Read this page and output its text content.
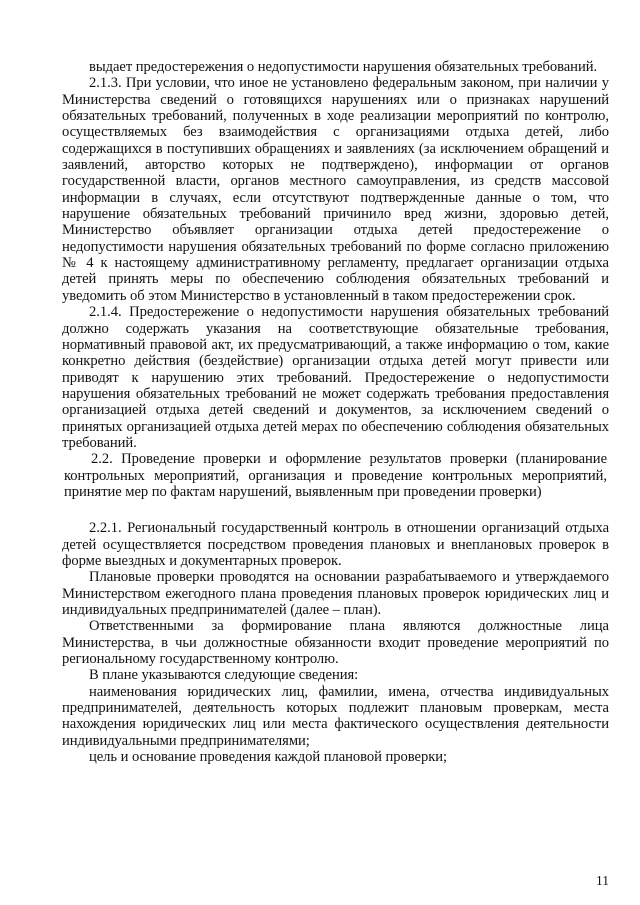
выдает предостережения о недопустимости нарушения обязательных требований.

2.1.3. При условии, что иное не установлено федеральным законом, при наличии у Министерства сведений о готовящихся нарушениях или о признаках нарушений обязательных требований, полученных в ходе реализации мероприятий по контролю, осуществляемых без взаимодействия с организациями отдыха детей, либо содержащихся в поступивших обращениях и заявлениях (за исключением обращений и заявлений, авторство которых не подтверждено), информации от органов государственной власти, органов местного самоуправления, из средств массовой информации в случаях, если отсутствуют подтвержденные данные о том, что нарушение обязательных требований причинило вред жизни, здоровью детей, Министерство объявляет организации отдыха детей предостережение о недопустимости нарушения обязательных требований по форме согласно приложению № 4 к настоящему административному регламенту, предлагает организации отдыха детей принять меры по обеспечению соблюдения обязательных требований и уведомить об этом Министерство в установленный в таком предостережении срок.

2.1.4. Предостережение о недопустимости нарушения обязательных требований должно содержать указания на соответствующие обязательные требования, нормативный правовой акт, их предусматривающий, а также информацию о том, какие конкретно действия (бездействие) организации отдыха детей могут привести или приводят к нарушению этих требований. Предостережение о недопустимости нарушения обязательных требований не может содержать требования предоставления организацией отдыха детей сведений и документов, за исключением сведений о принятых организацией отдыха детей мерах по обеспечению соблюдения обязательных требований.

2.2. Проведение проверки и оформление результатов проверки (планирование контрольных мероприятий, организация и проведение контрольных мероприятий, принятие мер по фактам нарушений, выявленным при проведении проверки)

2.2.1. Региональный государственный контроль в отношении организаций отдыха детей осуществляется посредством проведения плановых и внеплановых проверок в форме выездных и документарных проверок.

Плановые проверки проводятся на основании разрабатываемого и утверждаемого Министерством ежегодного плана проведения плановых проверок юридических лиц и индивидуальных предпринимателей (далее – план).

Ответственными за формирование плана являются должностные лица Министерства, в чьи должностные обязанности входит проведение мероприятий по региональному государственному контролю.

В плане указываются следующие сведения:

наименования юридических лиц, фамилии, имена, отчества индивидуальных предпринимателей, деятельность которых подлежит плановым проверкам, места нахождения юридических лиц или места фактического осуществления деятельности индивидуальными предпринимателями;

цель и основание проведения каждой плановой проверки;

11
